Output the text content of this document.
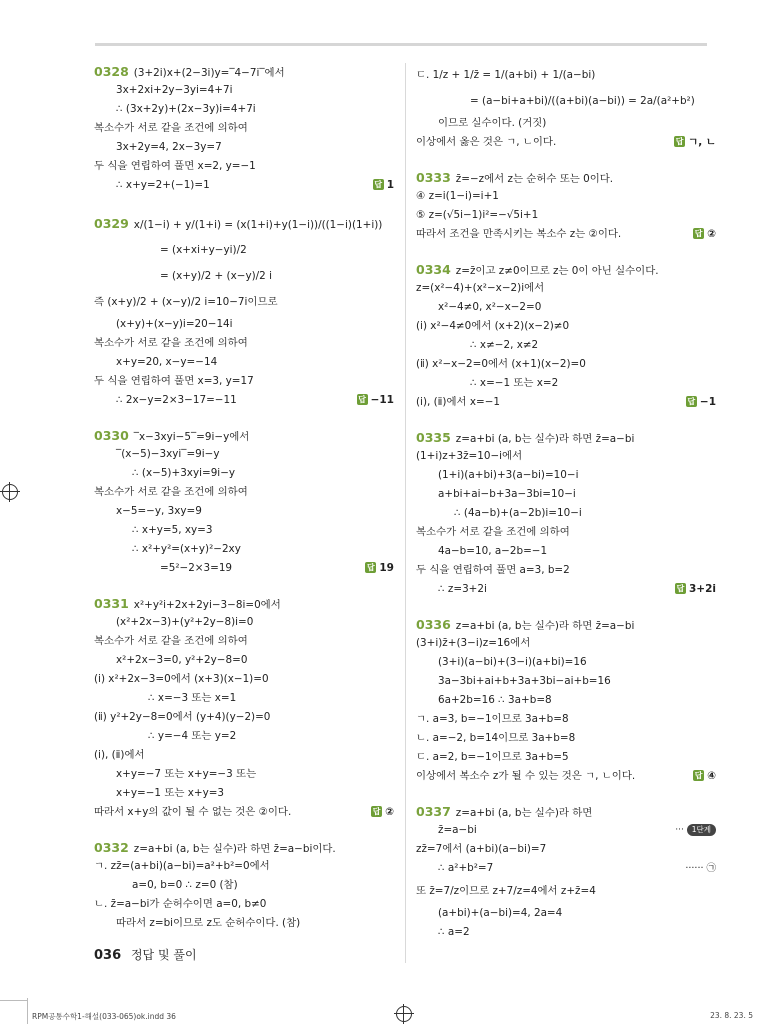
0328 (3+2i)x+(2−3i)y=‾4−7i‾에서
3x+2xi+2y−3yi=4+7i
∴ (3x+2y)+(2x−3y)i=4+7i
복소수가 서로 같을 조건에 의하여
3x+2y=4, 2x−3y=7
두 식을 연립하여 풀면 x=2, y=−1
∴ x+y=2+(−1)=1	답 1
0329 x/(1−i) + y/(1+i) = (x(1+i)+y(1−i))/((1−i)(1+i))
= (x+xi+y−yi)/2
= (x+y)/2 + (x−y)/2 i
즉 (x+y)/2 + (x−y)/2 i=10−7i이므로
(x+y)+(x−y)i=20−14i
복소수가 서로 같을 조건에 의하여
x+y=20, x−y=−14
두 식을 연립하여 풀면 x=3, y=17
∴ 2x−y=2×3−17=−11	답 −11
0330 ‾x−3xyi−5‾=9i−y에서
‾(x−5)−3xyi‾=9i−y
∴ (x−5)+3xyi=9i−y
복소수가 서로 같을 조건에 의하여
x−5=−y, 3xy=9
∴ x+y=5, xy=3
∴ x²+y²=(x+y)²−2xy
=5²−2×3=19	답 19
0331 x²+y²i+2x+2yi−3−8i=0에서
(x²+2x−3)+(y²+2y−8)i=0
복소수가 서로 같을 조건에 의하여
x²+2x−3=0, y²+2y−8=0
(ⅰ) x²+2x−3=0에서 (x+3)(x−1)=0
∴ x=−3 또는 x=1
(ⅱ) y²+2y−8=0에서 (y+4)(y−2)=0
∴ y=−4 또는 y=2
(ⅰ), (ⅱ)에서
x+y=−7 또는 x+y=−3 또는
x+y=−1 또는 x+y=3
따라서 x+y의 값이 될 수 없는 것은 ②이다.	답 ②
0332 z=a+bi (a, b는 실수)라 하면 z̄=a−bi이다.
ㄱ. zz̄=(a+bi)(a−bi)=a²+b²=0에서
a=0, b=0 ∴ z=0 (참)
ㄴ. z̄=a−bi가 순허수이면 a=0, b≠0
따라서 z=bi이므로 z도 순허수이다. (참)
ㄷ. 1/z + 1/z̄ = 1/(a+bi) + 1/(a−bi)
= (a−bi+a+bi)/((a+bi)(a−bi)) = 2a/(a²+b²)
이므로 실수이다. (거짓)
이상에서 옳은 것은 ㄱ, ㄴ이다.	답 ㄱ, ㄴ
0333 z̄=−z에서 z는 순허수 또는 0이다.
④ z=i(1−i)=i+1
⑤ z=(√5i−1)i²=−√5i+1
따라서 조건을 만족시키는 복소수 z는 ②이다.	답 ②
0334 z=z̄이고 z≠0이므로 z는 0이 아닌 실수이다.
z=(x²−4)+(x²−x−2)i에서
x²−4≠0, x²−x−2=0
(ⅰ) x²−4≠0에서 (x+2)(x−2)≠0
∴ x≠−2, x≠2
(ⅱ) x²−x−2=0에서 (x+1)(x−2)=0
∴ x=−1 또는 x=2
(ⅰ), (ⅱ)에서 x=−1	답 −1
0335 z=a+bi (a, b는 실수)라 하면 z̄=a−bi
(1+i)z+3z̄=10−i에서
(1+i)(a+bi)+3(a−bi)=10−i
a+bi+ai−b+3a−3bi=10−i
∴ (4a−b)+(a−2b)i=10−i
복소수가 서로 같을 조건에 의하여
4a−b=10, a−2b=−1
두 식을 연립하여 풀면 a=3, b=2
∴ z=3+2i	답 3+2i
0336 z=a+bi (a, b는 실수)라 하면 z̄=a−bi
(3+i)z̄+(3−i)z=16에서
(3+i)(a−bi)+(3−i)(a+bi)=16
3a−3bi+ai+b+3a+3bi−ai+b=16
6a+2b=16 ∴ 3a+b=8
ㄱ. a=3, b=−1이므로 3a+b=8
ㄴ. a=−2, b=14이므로 3a+b=8
ㄷ. a=2, b=−1이므로 3a+b=5
이상에서 복소수 z가 될 수 있는 것은 ㄱ, ㄴ이다.	답 ④
0337 z=a+bi (a, b는 실수)라 하면
z̄=a−bi	··· 1단계
zz̄=7에서 (a+bi)(a−bi)=7
∴ a²+b²=7	······ ㉠
또 z̄=7/z이므로 z+7/z=4에서 z+z̄=4
(a+bi)+(a−bi)=4, 2a=4
∴ a=2
036 정답 및 풀이
RPM공통수학1-해설(033-065)ok.indd 36	23. 8. 23. 5
